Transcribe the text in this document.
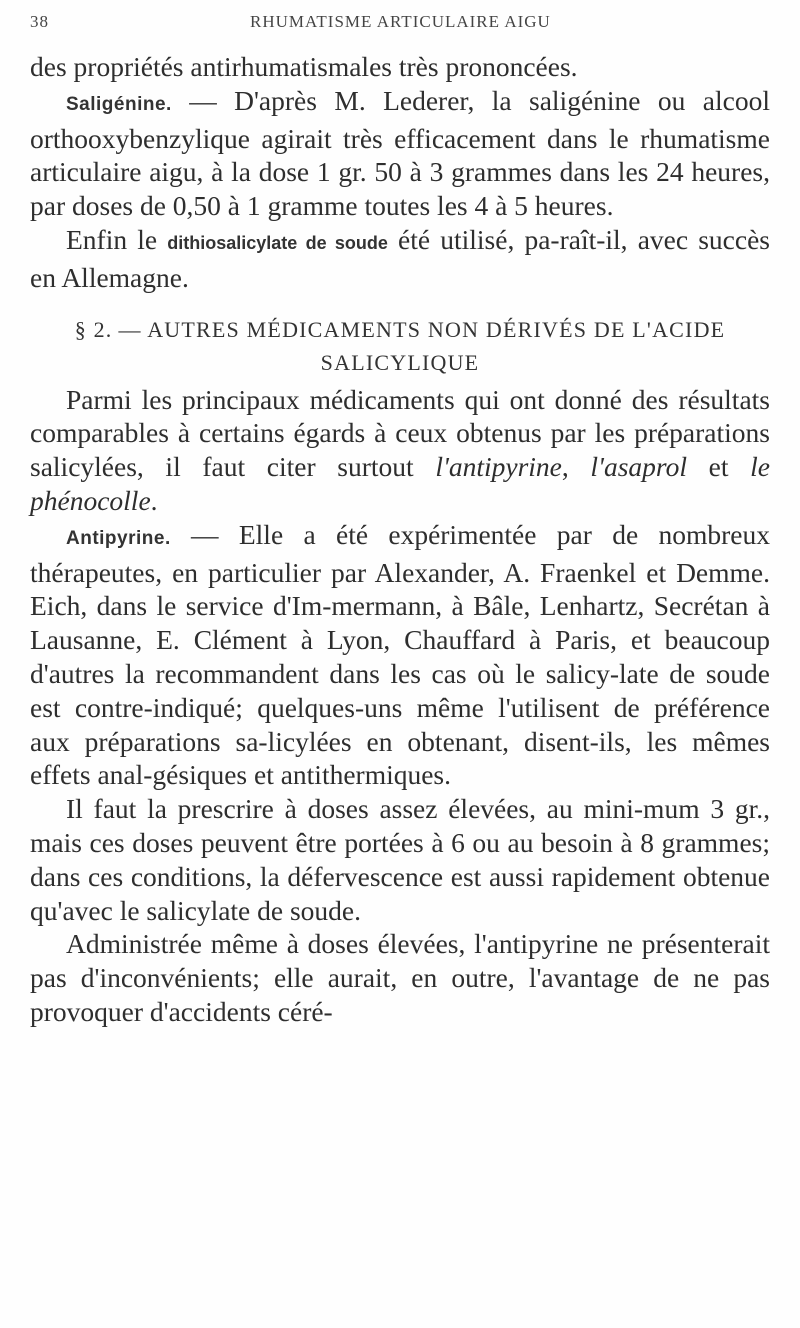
38	RHUMATISME ARTICULAIRE AIGU

des propriétés antirhumatismales très prononcées.

Saligénine. — D'après M. Lederer, la saligénine ou alcool orthooxybenzylique agirait très efficacement dans le rhumatisme articulaire aigu, à la dose 1 gr. 50 à 3 grammes dans les 24 heures, par doses de 0,50 à 1 gramme toutes les 4 à 5 heures.

Enfin le dithiosalicylate de soude été utilisé, pa-raît-il, avec succès en Allemagne.

§ 2. — AUTRES MÉDICAMENTS NON DÉRIVÉS DE L'ACIDE SALICYLIQUE

Parmi les principaux médicaments qui ont donné des résultats comparables à certains égards à ceux obtenus par les préparations salicylées, il faut citer surtout l'antipyrine, l'asaprol et le phénocolle.

Antipyrine. — Elle a été expérimentée par de nombreux thérapeutes, en particulier par Alexander, A. Fraenkel et Demme. Eich, dans le service d'Im-mermann, à Bâle, Lenhartz, Secrétan à Lausanne, E. Clément à Lyon, Chauffard à Paris, et beaucoup d'autres la recommandent dans les cas où le salicy-late de soude est contre-indiqué; quelques-uns même l'utilisent de préférence aux préparations sa-licylées en obtenant, disent-ils, les mêmes effets anal-gésiques et antithermiques.

Il faut la prescrire à doses assez élevées, au mini-mum 3 gr., mais ces doses peuvent être portées à 6 ou au besoin à 8 grammes; dans ces conditions, la défervescence est aussi rapidement obtenue qu'avec le salicylate de soude.

Administrée même à doses élevées, l'antipyrine ne présenterait pas d'inconvénients; elle aurait, en outre, l'avantage de ne pas provoquer d'accidents céré-
